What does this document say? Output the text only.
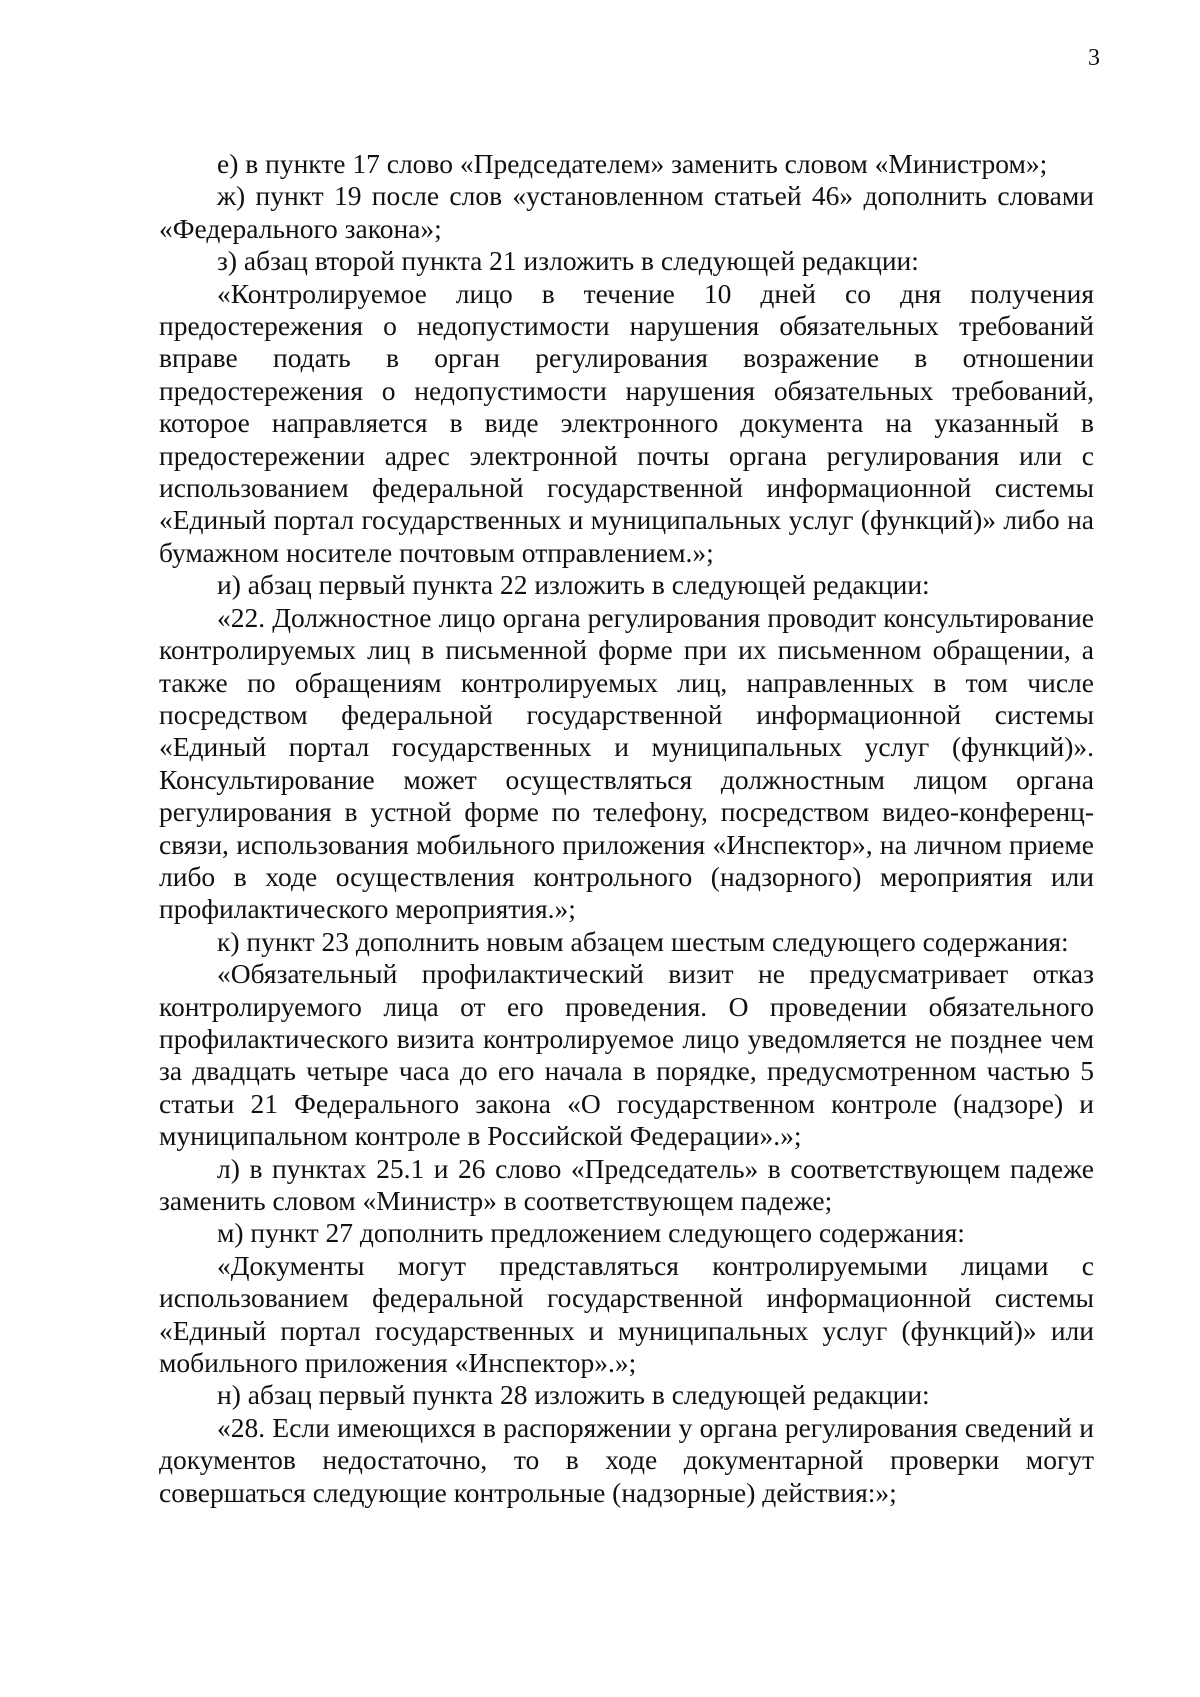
3

е) в пункте 17 слово «Председателем» заменить словом «Министром»;

ж) пункт 19 после слов «установленном статьей 46» дополнить словами «Федерального закона»;

з) абзац второй пункта 21 изложить в следующей редакции:

«Контролируемое лицо в течение 10 дней со дня получения предостережения о недопустимости нарушения обязательных требований вправе подать в орган регулирования возражение в отношении предостережения о недопустимости нарушения обязательных требований, которое направляется в виде электронного документа на указанный в предостережении адрес электронной почты органа регулирования или с использованием федеральной государственной информационной системы «Единый портал государственных и муниципальных услуг (функций)» либо на бумажном носителе почтовым отправлением.»;

и) абзац первый пункта 22 изложить в следующей редакции:

«22. Должностное лицо органа регулирования проводит консультирование контролируемых лиц в письменной форме при их письменном обращении, а также по обращениям контролируемых лиц, направленных в том числе посредством федеральной государственной информационной системы «Единый портал государственных и муниципальных услуг (функций)». Консультирование может осуществляться должностным лицом органа регулирования в устной форме по телефону, посредством видео-конференц-связи, использования мобильного приложения «Инспектор», на личном приеме либо в ходе осуществления контрольного (надзорного) мероприятия или профилактического мероприятия.»;

к) пункт 23 дополнить новым абзацем шестым следующего содержания:

«Обязательный профилактический визит не предусматривает отказ контролируемого лица от его проведения. О проведении обязательного профилактического визита контролируемое лицо уведомляется не позднее чем за двадцать четыре часа до его начала в порядке, предусмотренном частью 5 статьи 21 Федерального закона «О государственном контроле (надзоре) и муниципальном контроле в Российской Федерации».»;

л) в пунктах 25.1 и 26 слово «Председатель» в соответствующем падеже заменить словом «Министр» в соответствующем падеже;

м) пункт 27 дополнить предложением следующего содержания:

«Документы могут представляться контролируемыми лицами с использованием федеральной государственной информационной системы «Единый портал государственных и муниципальных услуг (функций)» или мобильного приложения «Инспектор».»;

н) абзац первый пункта 28 изложить в следующей редакции:

«28. Если имеющихся в распоряжении у органа регулирования сведений и документов недостаточно, то в ходе документарной проверки могут совершаться следующие контрольные (надзорные) действия:»;
